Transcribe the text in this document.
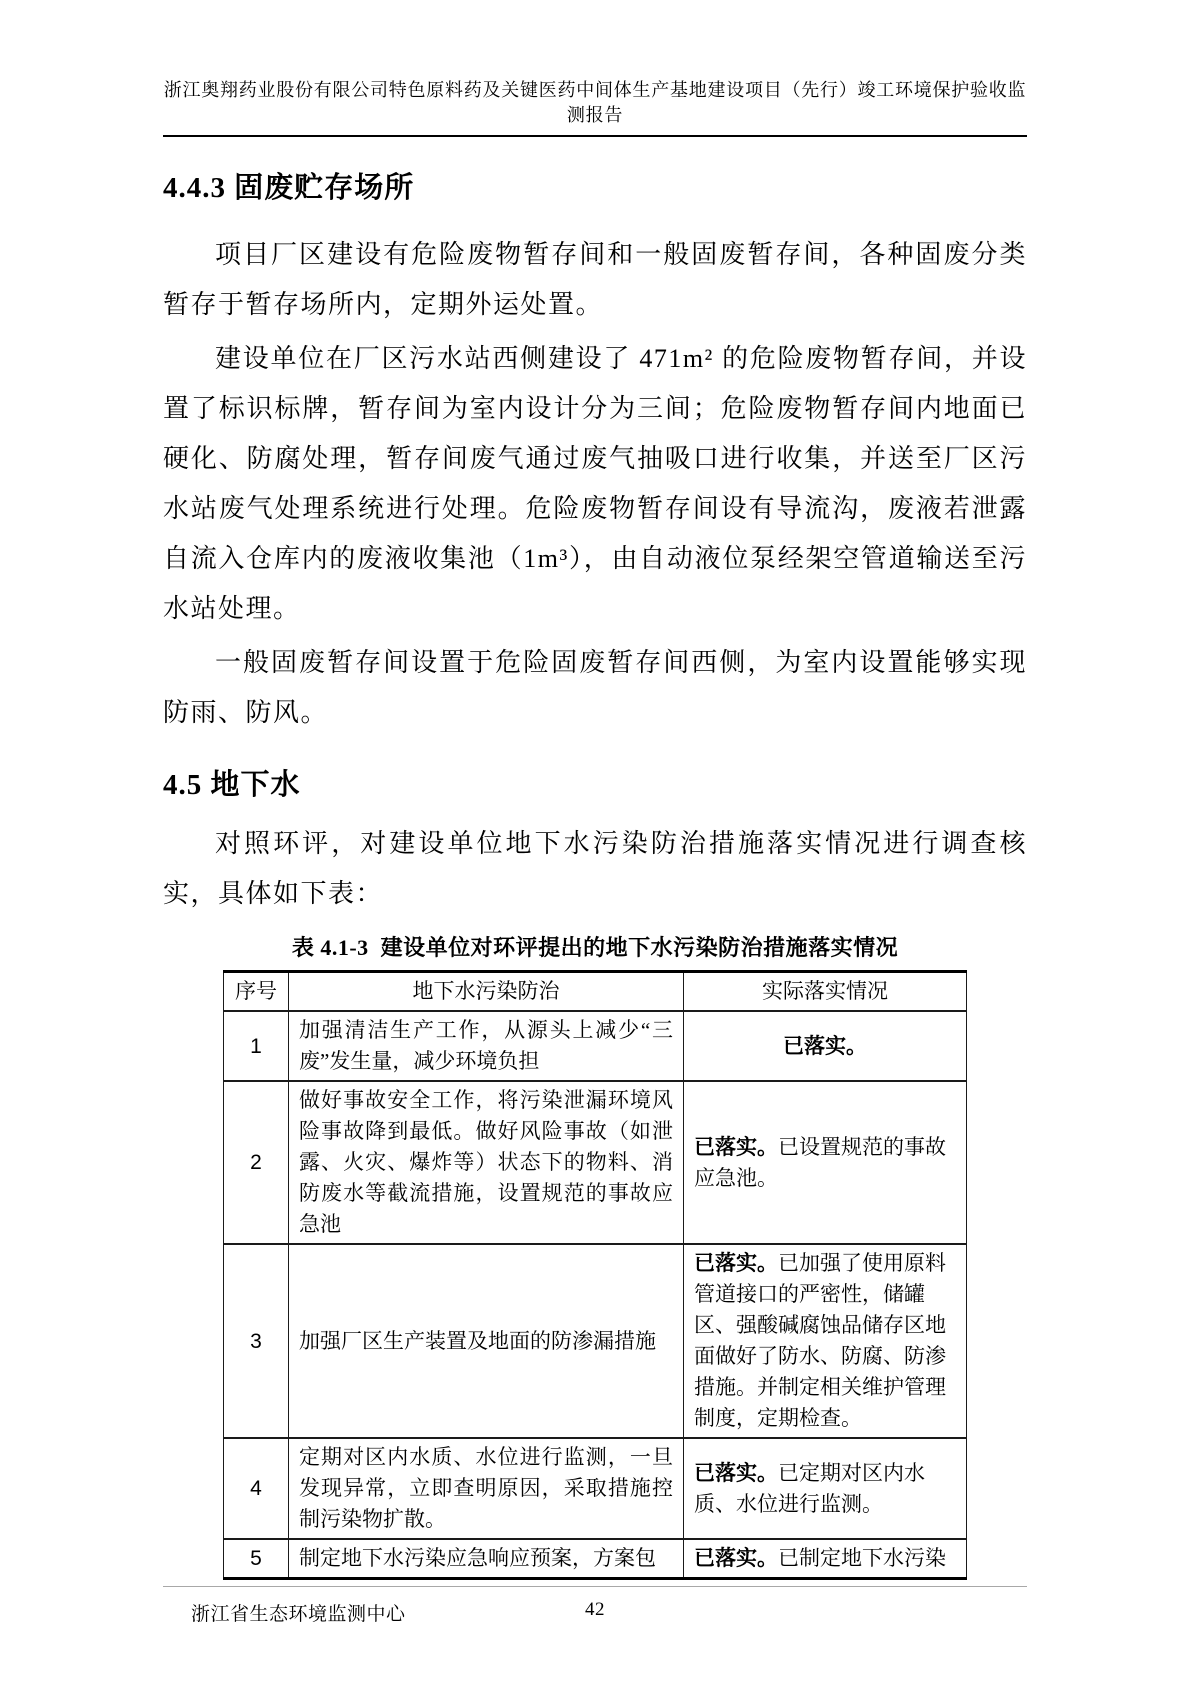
浙江奥翔药业股份有限公司特色原料药及关键医药中间体生产基地建设项目（先行）竣工环境保护验收监测报告
4.4.3 固废贮存场所

项目厂区建设有危险废物暂存间和一般固废暂存间，各种固废分类暂存于暂存场所内，定期外运处置。

建设单位在厂区污水站西侧建设了 471m² 的危险废物暂存间，并设置了标识标牌，暂存间为室内设计分为三间；危险废物暂存间内地面已硬化、防腐处理，暂存间废气通过废气抽吸口进行收集，并送至厂区污水站废气处理系统进行处理。危险废物暂存间设有导流沟，废液若泄露自流入仓库内的废液收集池（1m³），由自动液位泵经架空管道输送至污水站处理。

一般固废暂存间设置于危险固废暂存间西侧，为室内设置能够实现防雨、防风。

4.5 地下水

对照环评，对建设单位地下水污染防治措施落实情况进行调查核实，具体如下表：

表 4.1-3  建设单位对环评提出的地下水污染防治措施落实情况
序号	地下水污染防治	实际落实情况
1	加强清洁生产工作，从源头上减少“三废”发生量，减少环境负担	已落实。
2	做好事故安全工作，将污染泄漏环境风险事故降到最低。做好风险事故（如泄露、火灾、爆炸等）状态下的物料、消防废水等截流措施，设置规范的事故应急池	已落实。已设置规范的事故应急池。
3	加强厂区生产装置及地面的防渗漏措施	已落实。已加强了使用原料管道接口的严密性，储罐区、强酸碱腐蚀品储存区地面做好了防水、防腐、防渗措施。并制定相关维护管理制度，定期检查。
4	定期对区内水质、水位进行监测，一旦发现异常，立即查明原因，采取措施控制污染物扩散。	已落实。已定期对区内水质、水位进行监测。
5	制定地下水污染应急响应预案，方案包	已落实。已制定地下水污染
浙江省生态环境监测中心	42
